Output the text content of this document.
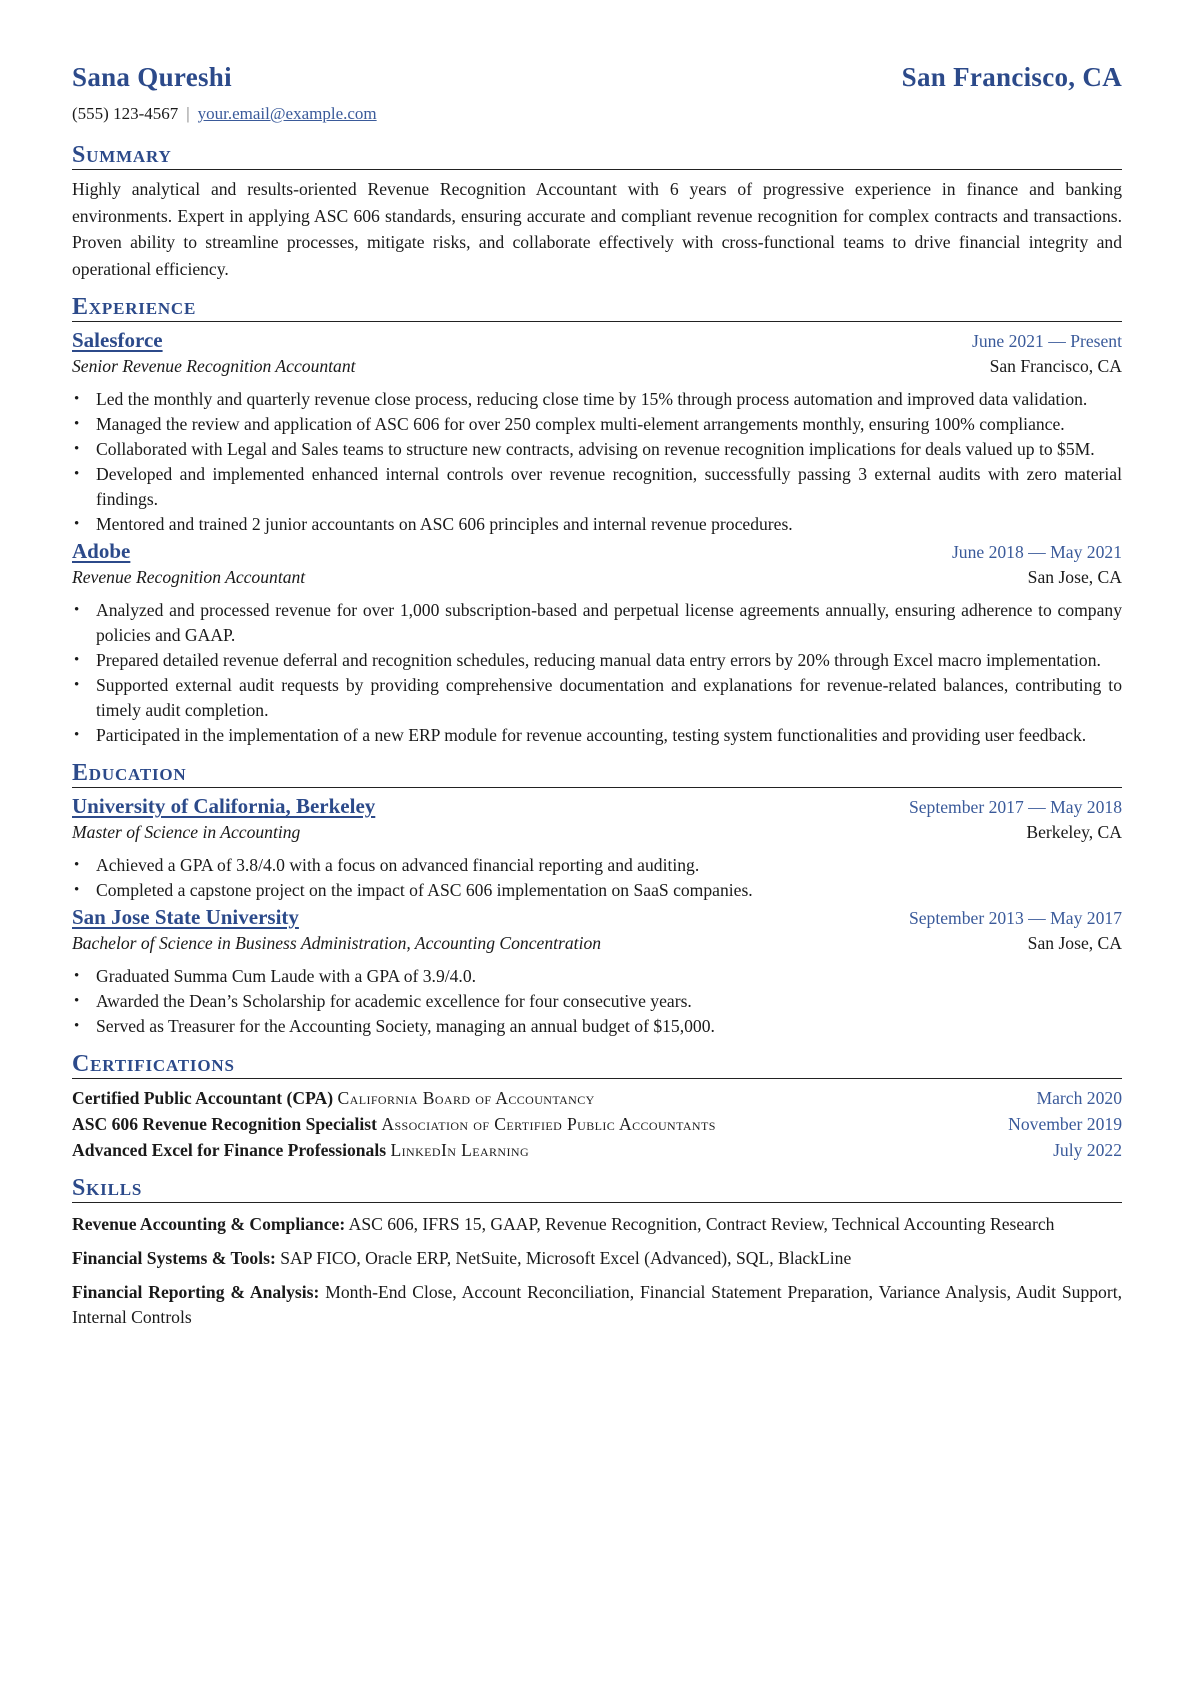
Sana Qureshi	San Francisco, CA
(555) 123-4567 | your.email@example.com
Summary
Highly analytical and results-oriented Revenue Recognition Accountant with 6 years of progressive experience in finance and banking environments. Expert in applying ASC 606 standards, ensuring accurate and compliant revenue recognition for complex contracts and transactions. Proven ability to streamline processes, mitigate risks, and collaborate effectively with cross-functional teams to drive financial integrity and operational efficiency.
Experience
Salesforce	June 2021 — Present
Senior Revenue Recognition Accountant	San Francisco, CA
• Led the monthly and quarterly revenue close process, reducing close time by 15% through process automation and improved data validation.
• Managed the review and application of ASC 606 for over 250 complex multi-element arrangements monthly, ensuring 100% compliance.
• Collaborated with Legal and Sales teams to structure new contracts, advising on revenue recognition implications for deals valued up to $5M.
• Developed and implemented enhanced internal controls over revenue recognition, successfully passing 3 external audits with zero material findings.
• Mentored and trained 2 junior accountants on ASC 606 principles and internal revenue procedures.
Adobe	June 2018 — May 2021
Revenue Recognition Accountant	San Jose, CA
• Analyzed and processed revenue for over 1,000 subscription-based and perpetual license agreements annually, ensuring adherence to company policies and GAAP.
• Prepared detailed revenue deferral and recognition schedules, reducing manual data entry errors by 20% through Excel macro implementation.
• Supported external audit requests by providing comprehensive documentation and explanations for revenue-related balances, contributing to timely audit completion.
• Participated in the implementation of a new ERP module for revenue accounting, testing system functionalities and providing user feedback.
Education
University of California, Berkeley	September 2017 — May 2018
Master of Science in Accounting	Berkeley, CA
• Achieved a GPA of 3.8/4.0 with a focus on advanced financial reporting and auditing.
• Completed a capstone project on the impact of ASC 606 implementation on SaaS companies.
San Jose State University	September 2013 — May 2017
Bachelor of Science in Business Administration, Accounting Concentration	San Jose, CA
• Graduated Summa Cum Laude with a GPA of 3.9/4.0.
• Awarded the Dean’s Scholarship for academic excellence for four consecutive years.
• Served as Treasurer for the Accounting Society, managing an annual budget of $15,000.
Certifications
Certified Public Accountant (CPA) California Board of Accountancy	March 2020
ASC 606 Revenue Recognition Specialist Association of Certified Public Accountants	November 2019
Advanced Excel for Finance Professionals LinkedIn Learning	July 2022
Skills
Revenue Accounting & Compliance: ASC 606, IFRS 15, GAAP, Revenue Recognition, Contract Review, Technical Accounting Research
Financial Systems & Tools: SAP FICO, Oracle ERP, NetSuite, Microsoft Excel (Advanced), SQL, BlackLine
Financial Reporting & Analysis: Month-End Close, Account Reconciliation, Financial Statement Preparation, Variance Analysis, Audit Support, Internal Controls
